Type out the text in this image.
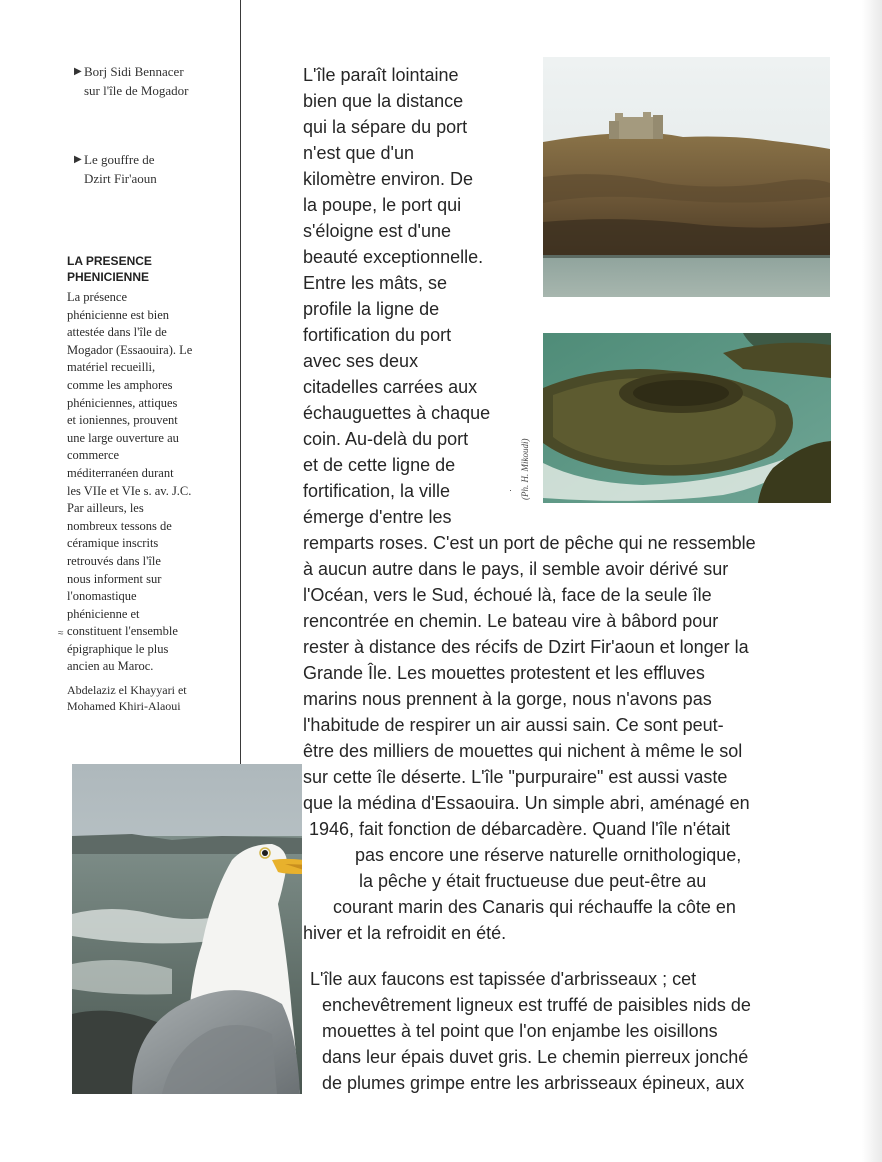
▶ Borj Sidi Bennacer
sur l'île de Mogador
▶ Le gouffre de
Dzirt Fir'aoun
LA PRESENCE
PHENICIENNE
La présence
phénicienne est bien
attestée dans l'île de
Mogador (Essaouira). Le
matériel recueilli,
comme les amphores
phéniciennes, attiques
et ioniennes, prouvent
une large ouverture au
commerce
méditerranéen durant
les VIIe et VIe s. av. J.C.
Par ailleurs, les
nombreux tessons de
céramique inscrits
retrouvés dans l'île
nous informent sur
l'onomastique
phénicienne et
constituent l'ensemble
épigraphique le plus
ancien au Maroc.
Abdelaziz el Khayyari et
Mohamed Khiri-Alaoui
≈
L'île paraît lointaine
bien que la distance
qui la sépare du port
n'est que d'un
kilomètre environ. De
la poupe, le port qui
s'éloigne est d'une
beauté exceptionnelle.
Entre les mâts, se
profile la ligne de
fortification du port
avec ses deux
citadelles carrées aux
échauguettes à chaque
coin. Au-delà du port
et de cette ligne de
fortification, la ville
émerge d'entre les
remparts roses. C'est un port de pêche qui ne ressemble
à aucun autre dans le pays, il semble avoir dérivé sur
l'Océan, vers le Sud, échoué là, face de la seule île
rencontrée en chemin. Le bateau vire à bâbord pour
rester à distance des récifs de Dzirt Fir'aoun et longer la
Grande Île. Les mouettes protestent et les effluves
marins nous prennent à la gorge, nous n'avons pas
l'habitude de respirer un air aussi sain. Ce sont peut-
être des milliers de mouettes qui nichent à même le sol
sur cette île déserte. L'île "purpuraire" est aussi vaste
que la médina d'Essaouira. Un simple abri, aménagé en
1946, fait fonction de débarcadère. Quand l'île n'était
pas encore une réserve naturelle ornithologique,
la pêche y était fructueuse due peut-être au
courant marin des Canaris qui réchauffe la côte en
hiver et la refroidit en été.
L'île aux faucons est tapissée d'arbrisseaux ; cet
enchevêtrement ligneux est truffé de paisibles nids de
mouettes à tel point que l'on enjambe les oisillons
dans leur épais duvet gris. Le chemin pierreux jonché
de plumes grimpe entre les arbrisseaux épineux, aux
(Ph. H. Mikoudi)
·
